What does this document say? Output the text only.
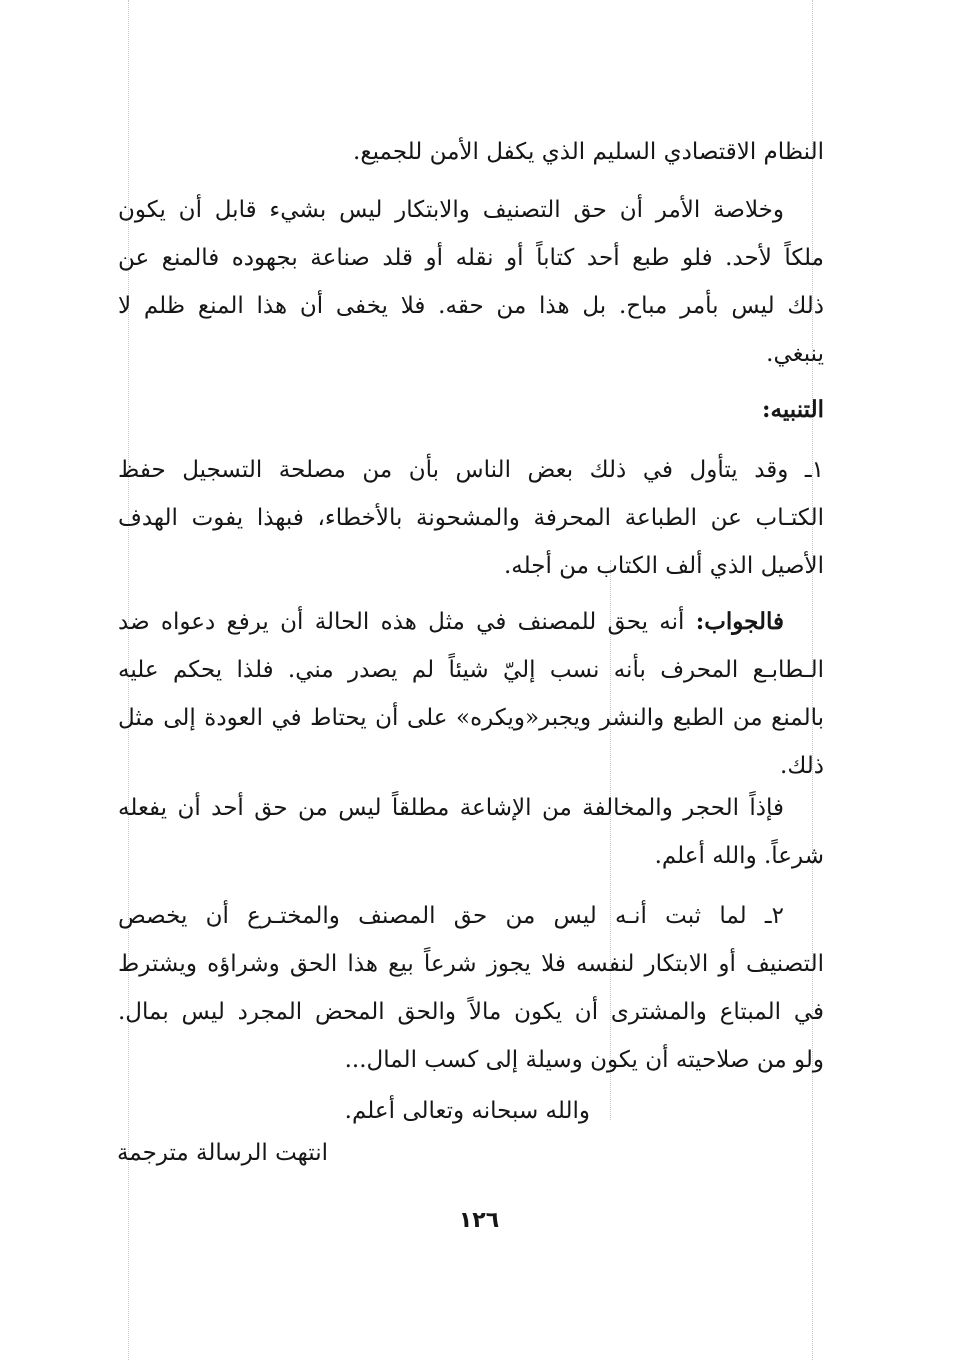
النظام الاقتصادي السليم الذي يكفل الأمن للجميع.
وخلاصة الأمر أن حق التصنيف والابتكار ليس بشيء قابل أن يكون
ملكاً لأحد. فلو طبع أحد كتاباً أو نقله أو قلد صناعة بجهوده فالمنع عن
ذلك ليس بأمر مباح. بل هذا من حقه. فلا يخفى أن هذا المنع ظلم لا
ينبغي.
التنبيه:
١ـ وقد يتأول في ذلك بعض الناس بأن من مصلحة التسجيل حفظ
الكتـاب عن الطباعة المحرفة والمشحونة بالأخطاء، فبهذا يفوت الهدف
الأصيل الذي ألف الكتاب من أجله.
فالجواب: أنه يحق للمصنف في مثل هذه الحالة أن يرفع دعواه ضد
الـطابـع المحرف بأنه نسب إليّ شيئاً لم يصدر مني. فلذا يحكم عليه
بالمنع من الطبع والنشر ويجبر«ويكره» على أن يحتاط في العودة إلى مثل
ذلك.
فإذاً الحجر والمخالفة من الإشاعة مطلقاً ليس من حق أحد أن يفعله
شرعاً. والله أعلم.
٢ـ لما ثبت أنـه ليس من حق المصنف والمختـرع أن يخصص
التصنيف أو الابتكار لنفسه فلا يجوز شرعاً بيع هذا الحق وشراؤه ويشترط
في المبتاع والمشترى أن يكون مالاً والحق المحض المجرد ليس بمال.
ولو من صلاحيته أن يكون وسيلة إلى كسب المال...
والله سبحانه وتعالى أعلم.
انتهت الرسالة مترجمة
١٢٦
